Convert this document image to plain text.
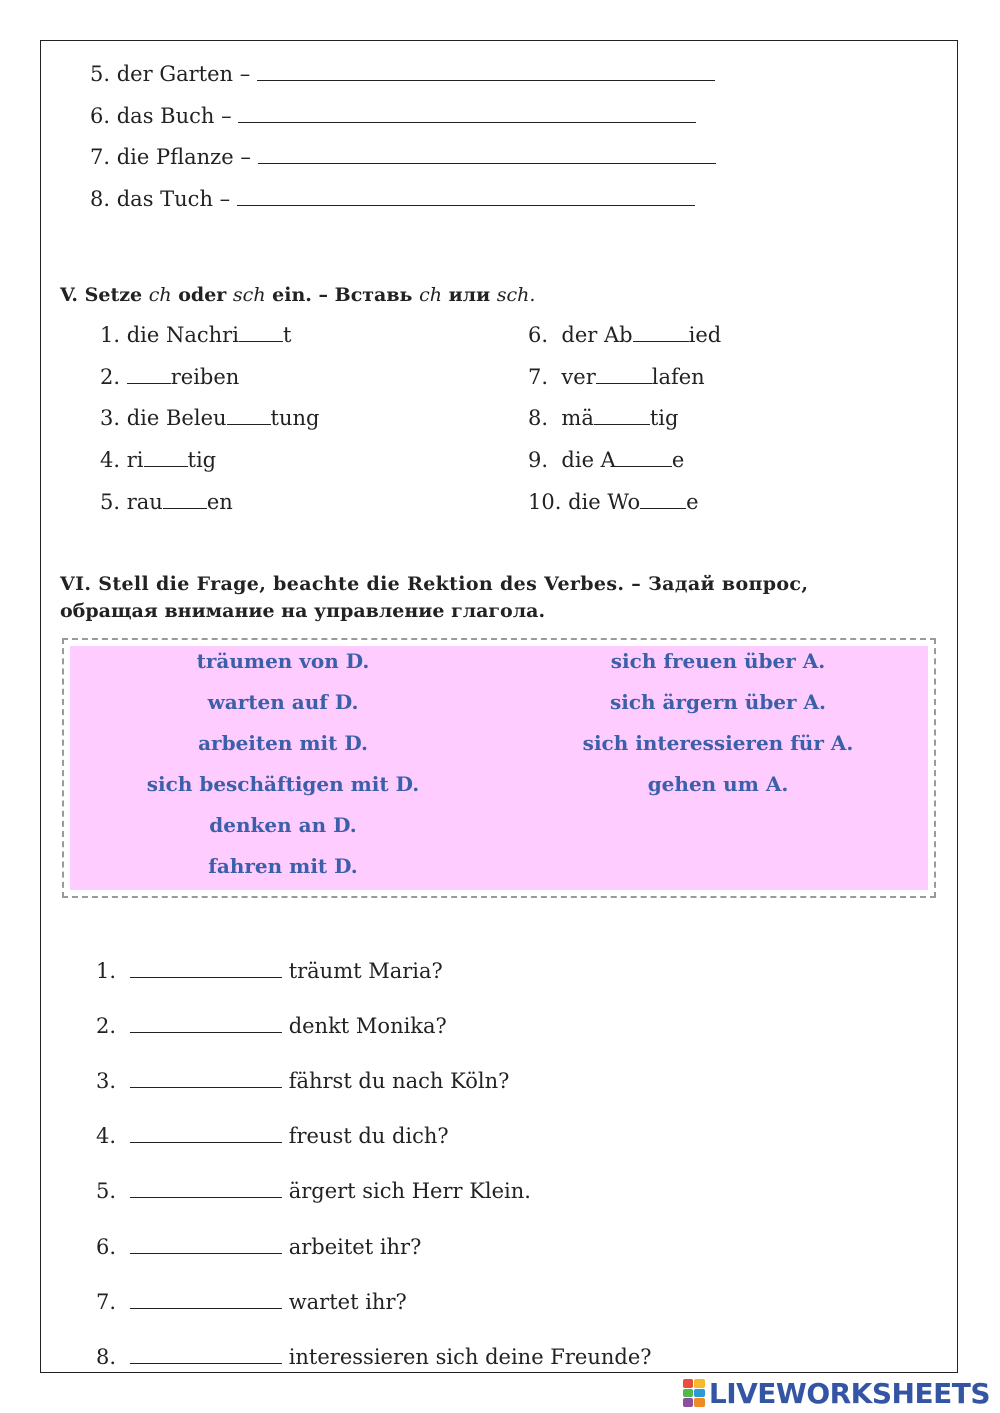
5. der Garten –
6. das Buch –
7. die Pflanze –
8. das Tuch –
V. Setze ch oder sch ein. – Вставь ch или sch.
1. die Nachri t
2. reiben
3. die Beleu tung
4. ri tig
5. rau en
6. der Ab	ied
7. ver	lafen
8. mä	tig
9. die A	e
10. die Wo e
VI. Stell die Frage, beachte die Rektion des Verbes. – Задай вопрос,
обращая внимание на управление глагола.
träumen von D.
warten auf D.
arbeiten mit D.
sich beschäftigen mit D.
denken an D.
fahren mit D.
sich freuen über A.
sich ärgern über A.
sich interessieren für A.
gehen um A.
1.	träumt Maria?
2.	denkt Monika?
3.	fährst du nach Köln?
4.	freust du dich?
5.	ärgert sich Herr Klein.
6.	arbeitet ihr?
7.	wartet ihr?
8.	interessieren sich deine Freunde?
LIVEWORKSHEETS
